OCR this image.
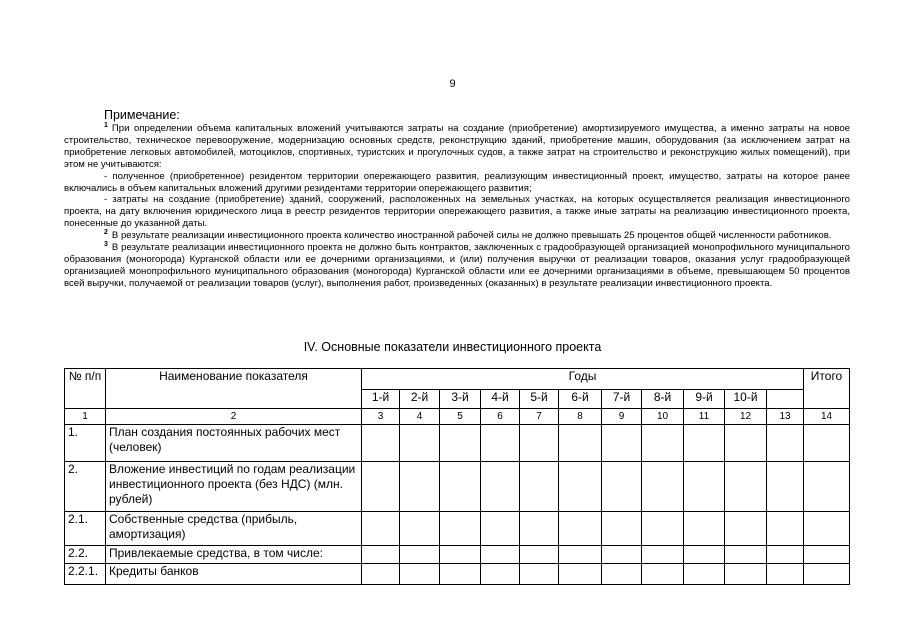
9
Примечание:

$^1$ При определении объема капитальных вложений учитываются затраты на создание (приобретение) амортизируемого имущества, а именно затраты на новое строительство, техническое перевооружение, модернизацию основных средств, реконструкцию зданий, приобретение машин, оборудования (за исключением затрат на приобретение легковых автомобилей, мотоциклов, спортивных, туристских и прогулочных судов, а также затрат на строительство и реконструкцию жилых помещений), при этом не учитываются:

- полученное (приобретенное) резидентом территории опережающего развития, реализующим инвестиционный проект, имущество, затраты на которое ранее включались в объем капитальных вложений другими резидентами территории опережающего развития;

- затраты на создание (приобретение) зданий, сооружений, расположенных на земельных участках, на которых осуществляется реализация инвестиционного проекта, на дату включения юридического лица в реестр резидентов территории опережающего развития, а также иные затраты на реализацию инвестиционного проекта, понесенные до указанной даты.

$^2$ В результате реализации инвестиционного проекта количество иностранной рабочей силы не должно превышать 25 процентов общей численности работников.

$^3$ В результате реализации инвестиционного проекта не должно быть контрактов, заключенных с градообразующей организацией монопрофильного муниципального образования (моногорода) Курганской области или ее дочерними организациями, и (или) получения выручки от реализации товаров, оказания услуг градообразующей организацией монопрофильного муниципального образования (моногорода) Курганской области или ее дочерними организациями в объеме, превышающем 50 процентов всей выручки, получаемой от реализации товаров (услуг), выполнения работ, произведенных (оказанных) в результате реализации инвестиционного проекта.

IV. Основные показатели инвестиционного проекта
№ п/п	Наименование показателя	Годы											Итого
		1-й	2-й	3-й	4-й	5-й	6-й	7-й	8-й	9-й	10-й		
1	2	3	4	5	6	7	8	9	10	11	12	13	14
1.	План создания постоянных рабочих мест (человек)												
2.	Вложение инвестиций по годам реализации инвестиционного проекта (без НДС) (млн. рублей)												
2.1.	Собственные средства (прибыль, амортизация)												
2.2.	Привлекаемые средства, в том числе:												
2.2.1.	Кредиты банков												
